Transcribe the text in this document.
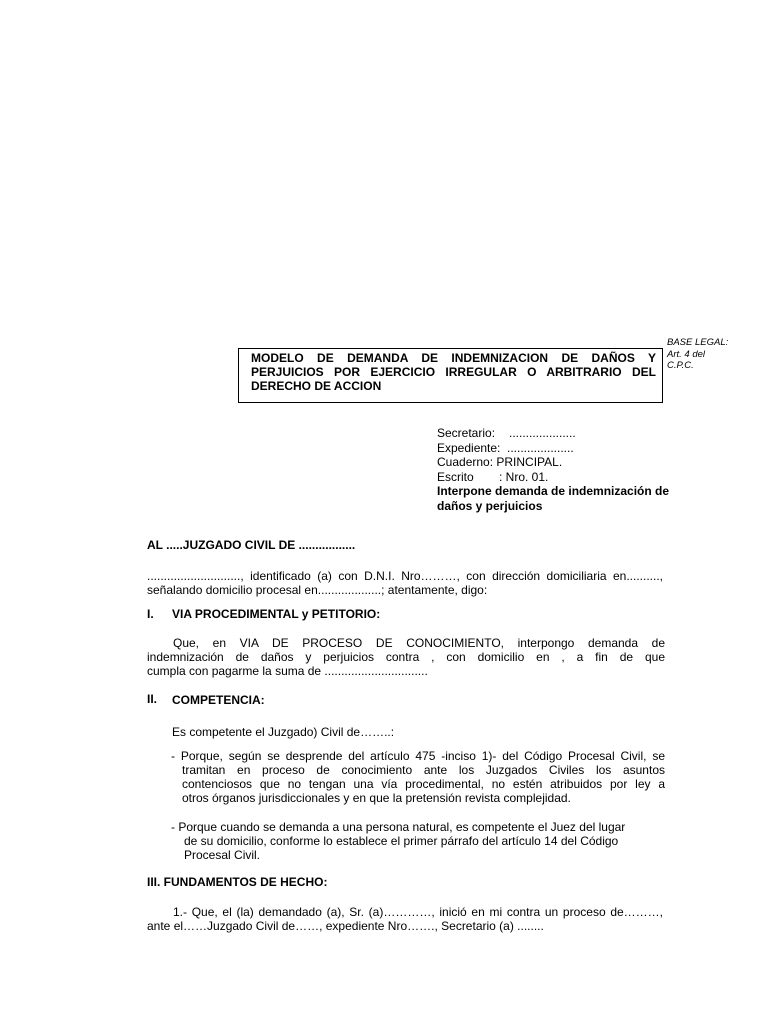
BASE LEGAL:
Art. 4 del
C.P.C.
MODELO DE DEMANDA DE INDEMNIZACION DE DAÑOS Y PERJUICIOS POR EJERCICIO IRREGULAR O ARBITRARIO DEL DERECHO DE ACCION
Secretario: ....................
Expediente: ....................
Cuaderno: PRINCIPAL.
Escrito : Nro. 01.
Interpone demanda de indemnización de daños y perjuicios
AL .....JUZGADO CIVIL DE .................
............................, identificado (a) con D.N.I. Nro………, con dirección domiciliaria en..........,
señalando domicilio procesal en...................; atentamente, digo:
I. VIA PROCEDIMENTAL y PETITORIO:
Que, en VIA DE PROCESO DE CONOCIMIENTO, interpongo demanda de
indemnización de daños y perjuicios contra , con domicilio en , a fin de que
cumpla con pagarme la suma de ...............................
II. COMPETENCIA:
Es competente el Juzgado) Civil de……..:
- Porque, según se desprende del artículo 475 -inciso 1)- del Código Procesal Civil, se
tramitan en proceso de conocimiento ante los Juzgados Civiles los asuntos
contenciosos que no tengan una vía procedimental, no estén atribuidos por ley a
otros órganos jurisdiccionales y en que la pretensión revista complejidad.
- Porque cuando se demanda a una persona natural, es competente el Juez del lugar
de su domicilio, conforme lo establece el primer párrafo del artículo 14 del Código
Procesal Civil.
III. FUNDAMENTOS DE HECHO:
1.- Que, el (la) demandado (a), Sr. (a)…………, inició en mi contra un proceso de………,
ante el……Juzgado Civil de……, expediente Nro……., Secretario (a) ........
